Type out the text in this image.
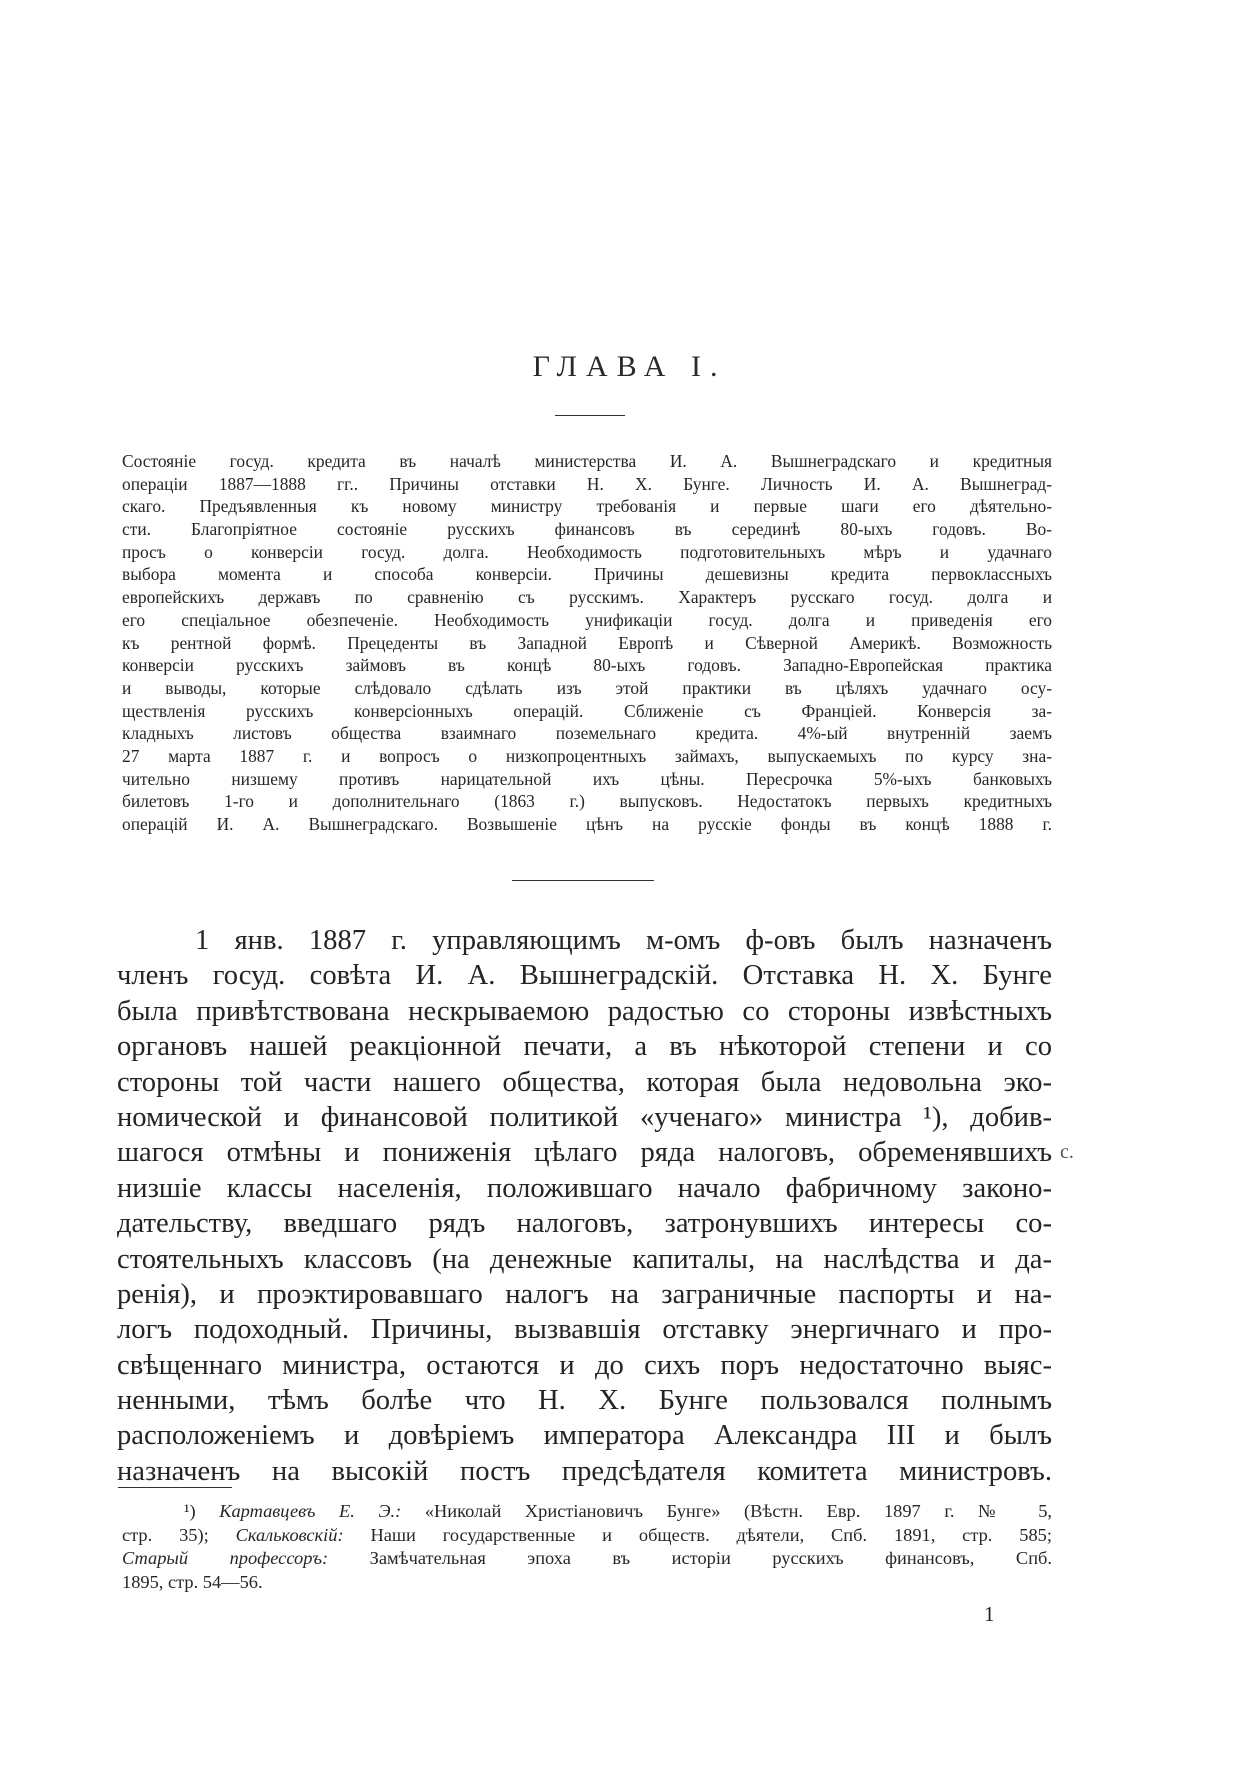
ГЛАВА I.
Состояніе госуд. кредита въ началѣ министерства И. А. Вышнеградскаго и кредитныя
операціи 1887—1888 гг.. Причины отставки Н. Х. Бунге. Личность И. А. Вышнеград-
скаго. Предъявленныя къ новому министру требованія и первые шаги его дѣятельно-
сти. Благопріятное состояніе русскихъ финансовъ въ серединѣ 80-ыхъ годовъ. Во-
просъ о конверсіи госуд. долга. Необходимость подготовительныхъ мѣръ и удачнаго
выбора момента и способа конверсіи. Причины дешевизны кредита первоклассныхъ
европейскихъ державъ по сравненію съ русскимъ. Характеръ русскаго госуд. долга и
его спеціальное обезпеченіе. Необходимость унификаціи госуд. долга и приведенія его
къ рентной формѣ. Прецеденты въ Западной Европѣ и Сѣверной Америкѣ. Возможность
конверсіи русскихъ займовъ въ концѣ 80-ыхъ годовъ. Западно-Европейская практика
и выводы, которые слѣдовало сдѣлать изъ этой практики въ цѣляхъ удачнаго осу-
ществленія русскихъ конверсіонныхъ операцій. Сближеніе съ Франціей. Конверсія за-
кладныхъ листовъ общества взаимнаго поземельнаго кредита. 4%-ый внутренній заемъ
27 марта 1887 г. и вопросъ о низкопроцентныхъ займахъ, выпускаемыхъ по курсу зна-
чительно низшему противъ нарицательной ихъ цѣны. Пересрочка 5%-ыхъ банковыхъ
билетовъ 1-го и дополнительнаго (1863 г.) выпусковъ. Недостатокъ первыхъ кредитныхъ
операцій И. А. Вышнеградскаго. Возвышеніе цѣнъ на русскіе фонды въ концѣ 1888 г.
1 янв. 1887 г. управляющимъ м-омъ ф-овъ былъ назначенъ
членъ госуд. совѣта И. А. Вышнеградскій. Отставка Н. Х. Бунге
была привѣтствована нескрываемою радостью со стороны извѣстныхъ
органовъ нашей реакціонной печати, а въ нѣкоторой степени и со
стороны той части нашего общества, которая была недовольна эко-
номической и финансовой политикой «ученаго» министра ¹), добив-
шагося отмѣны и пониженія цѣлаго ряда налоговъ, обременявшихъ
низшіе классы населенія, положившаго начало фабричному законо-
дательству, введшаго рядъ налоговъ, затронувшихъ интересы со-
стоятельныхъ классовъ (на денежные капиталы, на наслѣдства и да-
ренія), и проэктировавшаго налогъ на заграничные паспорты и на-
логъ подоходный. Причины, вызвавшія отставку энергичнаго и про-
свѣщеннаго министра, остаются и до сихъ поръ недостаточно выяс-
ненными, тѣмъ болѣе что Н. Х. Бунге пользовался полнымъ
расположеніемъ и довѣріемъ императора Александра III и былъ
назначенъ на высокій постъ предсѣдателя комитета министровъ.
c.
¹) Картавцевъ Е. Э.: «Николай Христіановичъ Бунге» (Вѣстн. Евр. 1897 г. № 5,
стр. 35); Скальковскій: Наши государственные и обществ. дѣятели, Спб. 1891, стр. 585;
Старый профессоръ: Замѣчательная эпоха въ исторіи русскихъ финансовъ, Спб.
1895, стр. 54—56.
1
